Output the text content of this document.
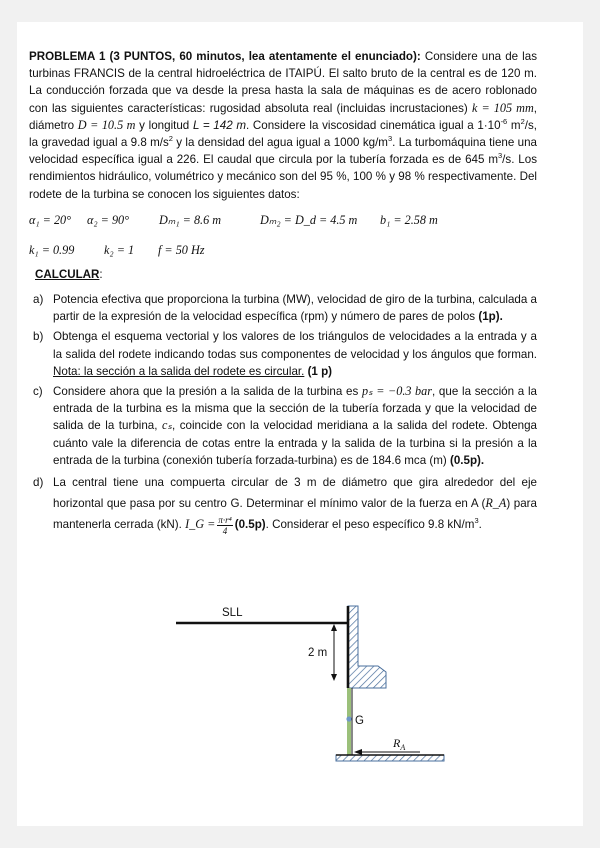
PROBLEMA 1 (3 PUNTOS, 60 minutos, lea atentamente el enunciado): Considere una de las turbinas FRANCIS de la central hidroeléctrica de ITAIPÚ. El salto bruto de la central es de 120 m. La conducción forzada que va desde la presa hasta la sala de máquinas es de acero roblonado con las siguientes características: rugosidad absoluta real (incluidas incrustaciones) k = 105 mm, diámetro D = 10.5 m y longitud L = 142 m. Considere la viscosidad cinemática igual a $1\cdot 10^{-6}$ $m^2/s$, la gravedad igual a 9.8 $m/s^2$ y la densidad del agua igual a 1000 $kg/m^3$. La turbomáquina tiene una velocidad específica igual a 226. El caudal que circula por la tubería forzada es de 645 $m^3/s$. Los rendimientos hidráulico, volumétrico y mecánico son del 95 %, 100 % y 98 % respectivamente. Del rodete de la turbina se conocen los siguientes datos:

α₁ = 20° α₂ = 90° Dₘ₁ = 8.6 m	Dₘ₂ = D_d = 4.5 m b₁ = 2.58 m

k₁ = 0.99 k₂ = 1 f = 50 Hz

CALCULAR:
a) Potencia efectiva que proporciona la turbina (MW), velocidad de giro de la turbina, calculada a partir de la expresión de la velocidad específica (rpm) y número de pares de polos (1p).
b) Obtenga el esquema vectorial y los valores de los triángulos de velocidades a la entrada y a la salida del rodete indicando todas sus componentes de velocidad y los ángulos que forman. Nota: la sección a la salida del rodete es circular. (1 p)
c) Considere ahora que la presión a la salida de la turbina es pₛ = −0.3 bar, que la sección a la entrada de la turbina es la misma que la sección de la tubería forzada y que la velocidad de salida de la turbina, cₛ, coincide con la velocidad meridiana a la salida del rodete. Obtenga cuánto vale la diferencia de cotas entre la entrada y la salida de la turbina si la presión a la entrada de la turbina (conexión tubería forzada-turbina) es de 184.6 mca (m) (0.5p).
d) La central tiene una compuerta circular de 3 m de diámetro que gira alrededor del eje horizontal que pasa por su centro G. Determinar el mínimo valor de la fuerza en A (R_A) para mantenerla cerrada (kN). I_G = $\frac{\text{π·r⁴}}{4} (0.5p)$. Considerar el peso específico 9.8 $kN/m^3$.
SLL
2 m
G
$R_A$
